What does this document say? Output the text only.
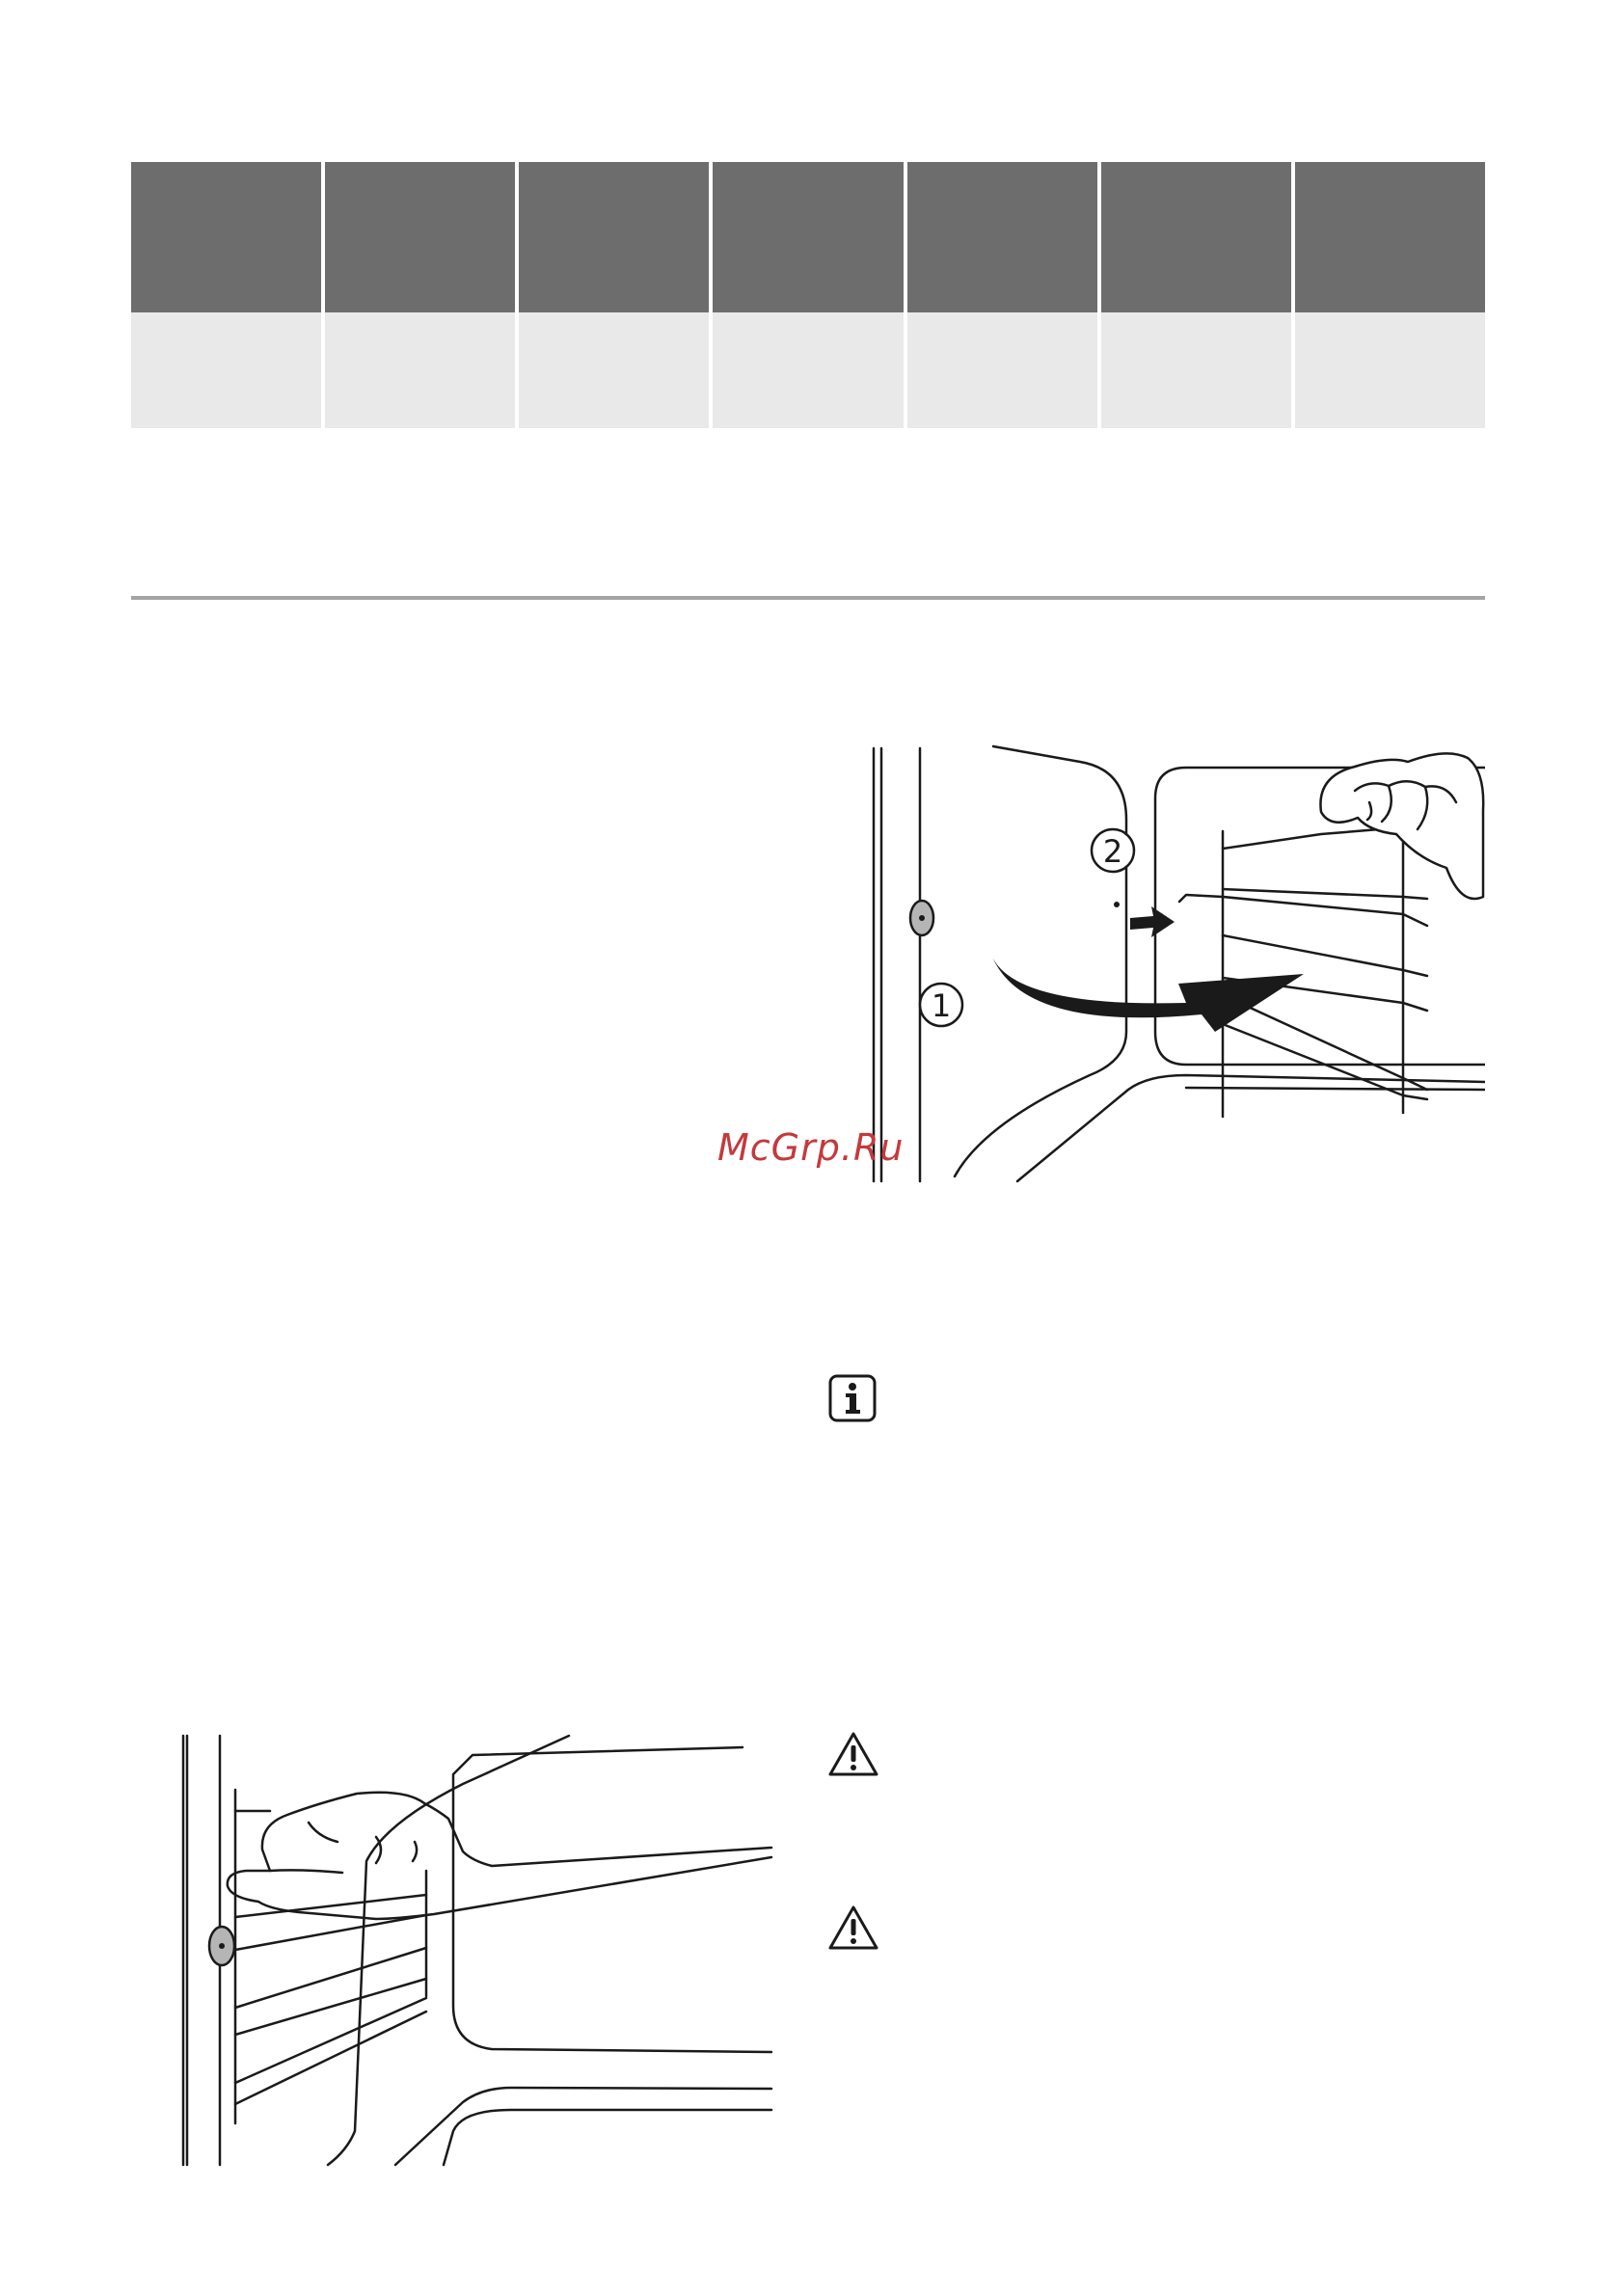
2
1
McGrp.Ru
